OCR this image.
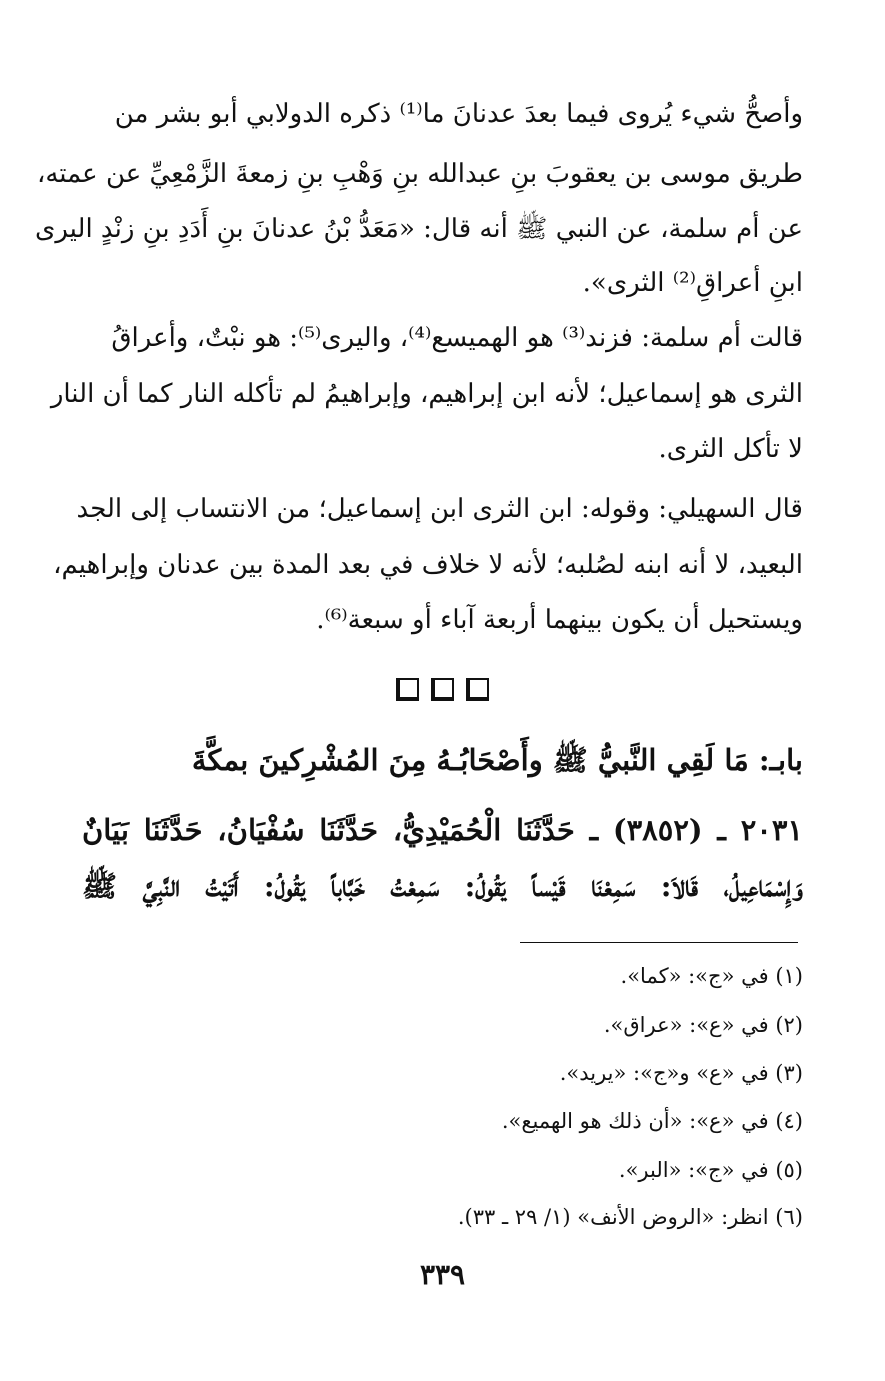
وأصحُّ شيء يُروى فيما بعدَ عدنانَ ما⁽¹⁾ ذكره الدولابي أبو بشر من
طريق موسى بن يعقوبَ بنِ عبدالله بنِ وَهْبِ بنِ زمعةَ الزَّمْعِيِّ عن عمته،
عن أم سلمة، عن النبي ﷺ أنه قال: «مَعَدُّ بْنُ عدنانَ بنِ أَدَدِ بنِ زنْدٍ اليرى
ابنِ أعراقِ⁽²⁾ الثرى».
قالت أم سلمة: فزند⁽³⁾ هو الهميسع⁽⁴⁾، واليرى⁽⁵⁾: هو نبْتٌ، وأعراقُ
الثرى هو إسماعيل؛ لأنه ابن إبراهيم، وإبراهيمُ لم تأكله النار كما أن النار
لا تأكل الثرى.
قال السهيلي: وقوله: ابن الثرى ابن إسماعيل؛ من الانتساب إلى الجد
البعيد، لا أنه ابنه لصُلبه؛ لأنه لا خلاف في بعد المدة بين عدنان وإبراهيم،
ويستحيل أن يكون بينهما أربعة آباء أو سبعة⁽⁶⁾.
بابـ: مَا لَقِي النَّبيُّ ﷺ وأَصْحَابُـهُ مِنَ المُشْرِكينَ بمكَّةَ
٢٠٣١ ـ (٣٨٥٢) ـ حَدَّثَنَا الْحُمَيْدِيُّ، حَدَّثَنَا سُفْيَانُ، حَدَّثَنَا بَيَانٌ
وَإِسْمَاعِيلُ، قَالاَ: سَمِعْنَا قَيْساً يَقُولُ: سَمِعْتُ خَبَّاباً يَقُولُ: أَتَيْتُ النَّبِيَّ ﷺ
(١) في «ج»: «كما».
(٢) في «ع»: «عراق».
(٣) في «ع» و«ج»: «يريد».
(٤) في «ع»: «أن ذلك هو الهميع».
(٥) في «ج»: «البر».
(٦) انظر: «الروض الأنف» (١/ ٢٩ ـ ٣٣).
٣٣٩
